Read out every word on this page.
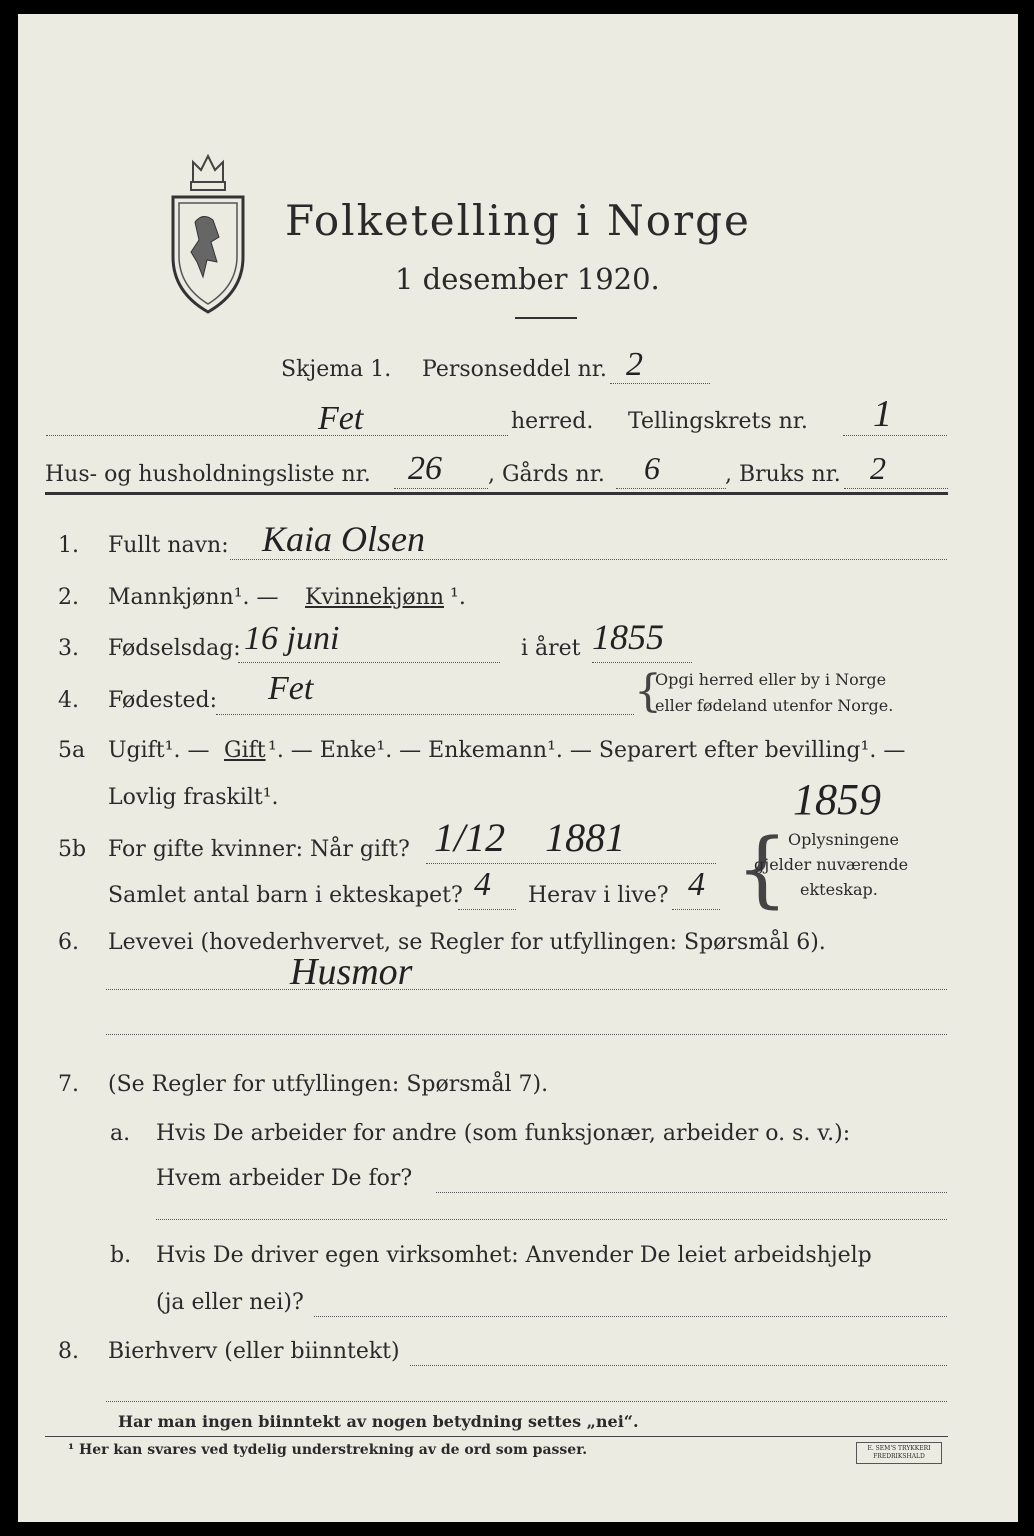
Folketelling i Norge
1 desember 1920.
Skjema 1. Personseddel nr. 2
Fet	herred. Tellingskrets nr. 1
Hus- og husholdningsliste nr. 26 , Gårds nr. 6	, Bruks nr. 2
1. Fullt navn: Kaia Olsen
2. Mannkjønn¹. — Kvinnekjønn ¹.
3. Fødselsdag: 16 juni	i året 1855
4. Fødested: Fet	{
Opgi herred eller by i Norge
eller fødeland utenfor Norge.
5a Ugift¹. — Gift ¹. — Enke¹. — Enkemann¹. — Separert efter bevilling¹. —
Lovlig fraskilt¹.	1859
5b For gifte kvinner: Når gift? 1/12 1881
Samlet antal barn i ekteskapet? 4 Herav i live? 4 { Oplysningene
gjelder nuværende
ekteskap.
6. Levevei (hovederhvervet, se Regler for utfyllingen: Spørsmål 6).
Husmor
7. (Se Regler for utfyllingen: Spørsmål 7).
a. Hvis De arbeider for andre (som funksjonær, arbeider o. s. v.):
Hvem arbeider De for?
b. Hvis De driver egen virksomhet: Anvender De leiet arbeidshjelp
(ja eller nei)?
8. Bierhverv (eller biinntekt)
Har man ingen biinntekt av nogen betydning settes „nei“.
¹ Her kan svares ved tydelig understrekning av de ord som passer.	E. SEM'S TRYKKERI FREDRIKSHALD
